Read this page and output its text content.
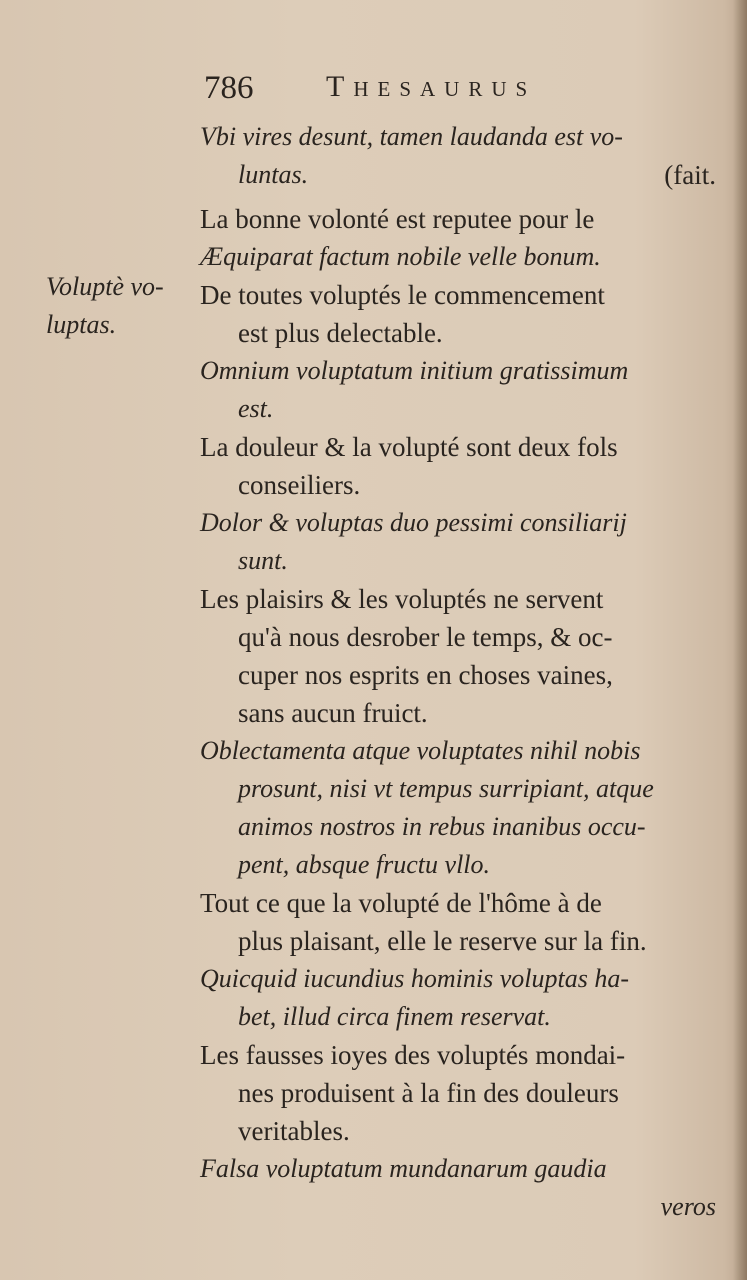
786 Thesaurus
Voluptè vo-
luptas.
Vbi vires desunt, tamen laudanda est vo-
luntas.	(fait.
La bonne volonté est reputee pour le
Æquiparat factum nobile velle bonum.
De toutes voluptés le commencement
est plus delectable.
Omnium voluptatum initium gratissimum
est.
La douleur & la volupté sont deux fols
conseiliers.
Dolor & voluptas duo pessimi consiliarij
sunt.
Les plaisirs & les voluptés ne servent
qu'à nous desrober le temps, & oc-
cuper nos esprits en choses vaines,
sans aucun fruict.
Oblectamenta atque voluptates nihil nobis
prosunt, nisi vt tempus surripiant, atque
animos nostros in rebus inanibus occu-
pent, absque fructu vllo.
Tout ce que la volupté de l'hôme à de
plus plaisant, elle le reserve sur la fin.
Quicquid iucundius hominis voluptas ha-
bet, illud circa finem reservat.
Les fausses ioyes des voluptés mondai-
nes produisent à la fin des douleurs
veritables.
Falsa voluptatum mundanarum gaudia
veros
